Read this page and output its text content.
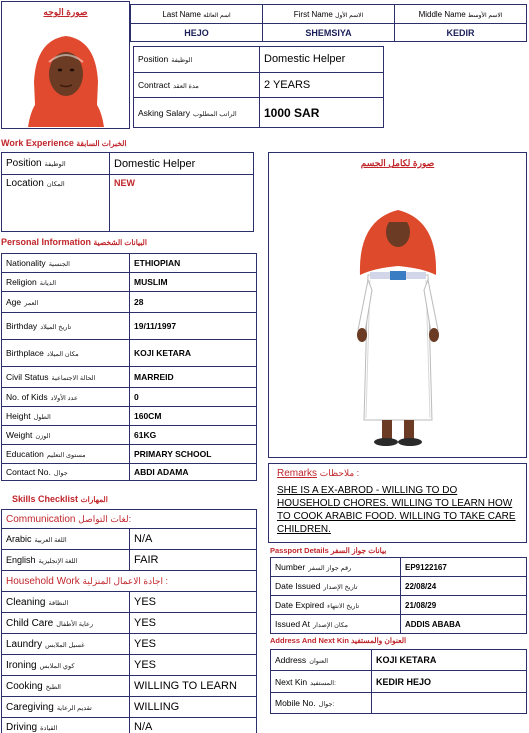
صورة الوجه	Last Name اسم العائلة	First Name الاسم الأول	Middle Name الاسم الأوسط
HEJO	SHEMSIYA	KEDIR
Position الوظيفة	Domestic Helper
Contract مدة العقد	2 YEARS
Asking Salary الراتب المطلوب	1000 SAR
Work Experience الخبرات السابقة
Position الوظيفة	Domestic Helper
Location المكان	NEW
Personal Information البيانات الشخصية
Nationality الجنسية	ETHIOPIAN
Religion الديانة	MUSLIM
Age العمر	28
Birthday تاريخ الميلاد	19/11/1997
Birthplace مكان الميلاد	KOJI KETARA
Civil Status الحالة الاجتماعية	MARREID
No. of Kids عدد الأولاد	0
Height الطول	160CM
Weight الوزن	61KG
Education مستوى التعليم	PRIMARY SCHOOL
Contact No. جوال	ABDI ADAMA
Skills Checklist المهارات
Communication لغات التواصل:	
Arabic اللغة العربية	N/A
English اللغة الإنجليزية	FAIR
Household Work اجادة الاعمال المنزلية :	
Cleaning النظافة	YES
Child Care رعاية الأطفال	YES
Laundry غسيل الملابس	YES
Ironing كوي الملابس	YES
Cooking الطبخ	WILLING TO LEARN
Caregiving تقديم الرعاية	WILLING
Driving القيادة	N/A
صورة لكامل الجسم
Remarks ملاحظات :
SHE IS A EX-ABROD - WILLING TO DO HOUSEHOLD CHORES. WILLING TO LEARN HOW TO COOK ARABIC FOOD. WILLING TO TAKE CARE CHILDREN.
Passport Details بيانات جواز السفر
Number رقم جواز السفر	EP9122167
Date Issued تاريخ الإصدار	22/08/24
Date Expired تاريخ الانتهاء	21/08/29
Issued At مكان الإصدار	ADDIS ABABA
Address And Next Kin العنوان والمستفيد
Address العنوان	KOJI KETARA
Next Kin المستفيد:	KEDIR HEJO
Mobile No. جوال:	
